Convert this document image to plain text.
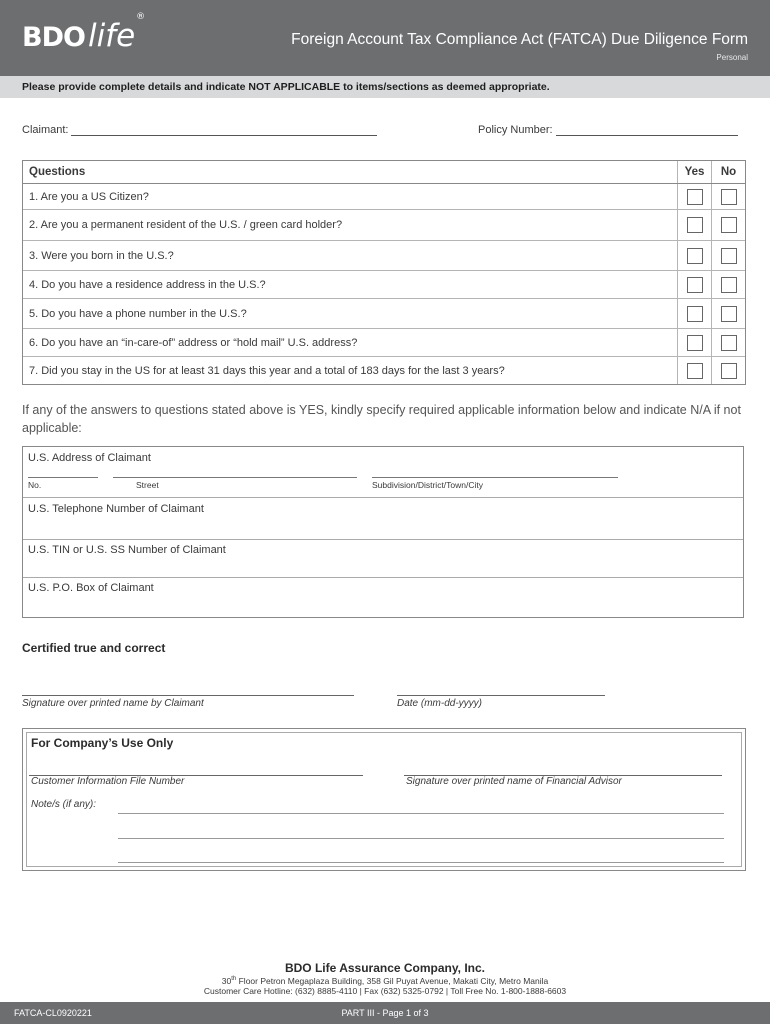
BDOlife
®
Foreign Account Tax Compliance Act (FATCA) Due Diligence Form
Personal
Please provide complete details and indicate NOT APPLICABLE to items/sections as deemed appropriate.
Claimant:	Policy Number:
Questions	Yes	No
1. Are you a US Citizen?
2. Are you a permanent resident of the U.S. / green card holder?
3. Were you born in the U.S.?
4. Do you have a residence address in the U.S.?
5. Do you have a phone number in the U.S.?
6. Do you have an “in-care-of” address or “hold mail” U.S. address?
7. Did you stay in the US for at least 31 days this year and a total of 183 days for the last 3 years?
If any of the answers to questions stated above is YES, kindly specify required applicable information below and indicate N/A if not applicable:
U.S. Address of Claimant
No.	Street	Subdivision/District/Town/City
U.S. Telephone Number of Claimant
U.S. TIN or U.S. SS Number of Claimant
U.S. P.O. Box of Claimant
Certified true and correct
Signature over printed name by Claimant	Date (mm-dd-yyyy)
For Company’s Use Only
Customer Information File Number	Signature over printed name of Financial Advisor
Note/s (if any):
BDO Life Assurance Company, Inc.
30th Floor Petron Megaplaza Building, 358 Gil Puyat Avenue, Makati City, Metro Manila
Customer Care Hotline: (632) 8885-4110 | Fax (632) 5325-0792 | Toll Free No. 1-800-1888-6603
FATCA-CL0920221	PART III - Page 1 of 3
